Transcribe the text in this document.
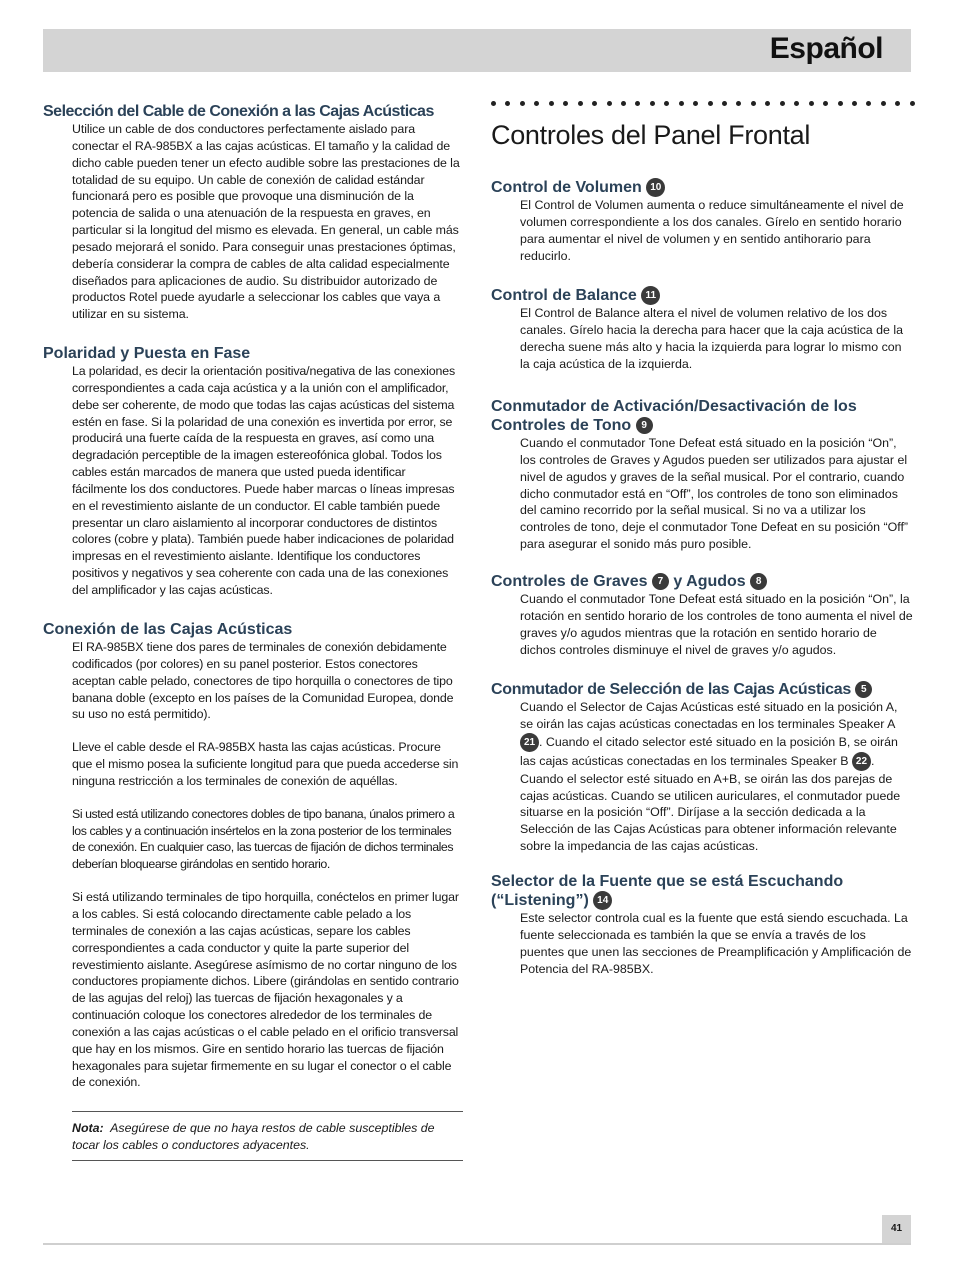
Español
Selección del Cable de Conexión a las Cajas Acústicas

Utilice un cable de dos conductores perfectamente aislado para conectar el RA-985BX a las cajas acústicas. El tamaño y la calidad de dicho cable pueden tener un efecto audible sobre las prestaciones de la totalidad de su equipo. Un cable de conexión de calidad estándar funcionará pero es posible que provoque una disminución de la potencia de salida o una atenuación de la respuesta en graves, en particular si la longitud del mismo es elevada. En general, un cable más pesado mejorará el sonido. Para conseguir unas prestaciones óptimas, debería considerar la compra de cables de alta calidad especialmente diseñados para aplicaciones de audio. Su distribuidor autorizado de productos Rotel puede ayudarle a seleccionar los cables que vaya a utilizar en su sistema.

Polaridad y Puesta en Fase

La polaridad, es decir la orientación positiva/negativa de las conexiones correspondientes a cada caja acústica y a la unión con el amplificador, debe ser coherente, de modo que todas las cajas acústicas del sistema estén en fase. Si la polaridad de una conexión es invertida por error, se producirá una fuerte caída de la respuesta en graves, así como una degradación perceptible de la imagen estereofónica global. Todos los cables están marcados de manera que usted pueda identificar fácilmente los dos conductores. Puede haber marcas o líneas impresas en el revestimiento aislante de un conductor. El cable también puede presentar un claro aislamiento al incorporar conductores de distintos colores (cobre y plata). También puede haber indicaciones de polaridad impresas en el revestimiento aislante. Identifique los conductores positivos y negativos y sea coherente con cada una de las conexiones del amplificador y las cajas acústicas.

Conexión de las Cajas Acústicas

El RA-985BX tiene dos pares de terminales de conexión debidamente codificados (por colores) en su panel posterior. Estos conectores aceptan cable pelado, conectores de tipo horquilla o conectores de tipo banana doble (excepto en los países de la Comunidad Europea, donde su uso no está permitido).

Lleve el cable desde el RA-985BX hasta las cajas acústicas. Procure que el mismo posea la suficiente longitud para que pueda accederse sin ninguna restricción a los terminales de conexión de aquéllas.

Si usted está utilizando conectores dobles de tipo banana, únalos primero a los cables y a continuación insértelos en la zona posterior de los terminales de conexión. En cualquier caso, las tuercas de fijación de dichos terminales deberían bloquearse girándolas en sentido horario.

Si está utilizando terminales de tipo horquilla, conéctelos en primer lugar a los cables. Si está colocando directamente cable pelado a los terminales de conexión a las cajas acústicas, separe los cables correspondientes a cada conductor y quite la parte superior del revestimiento aislante. Asegúrese asímismo de no cortar ninguno de los conductores propiamente dichos. Libere (girándolas en sentido contrario de las agujas del reloj) las tuercas de fijación hexagonales y a continuación coloque los conectores alrededor de los terminales de conexión a las cajas acústicas o el cable pelado en el orificio transversal que hay en los mismos. Gire en sentido horario las tuercas de fijación hexagonales para sujetar firmemente en su lugar el conector o el cable de conexión.

Nota: Asegúrese de que no haya restos de cable susceptibles de tocar los cables o conductores adyacentes.

Controles del Panel Frontal
Control de Volumen 10

El Control de Volumen aumenta o reduce simultáneamente el nivel de volumen correspondiente a los dos canales. Gírelo en sentido horario para aumentar el nivel de volumen y en sentido antihorario para reducirlo.

Control de Balance 11

El Control de Balance altera el nivel de volumen relativo de los dos canales. Gírelo hacia la derecha para hacer que la caja acústica de la derecha suene más alto y hacia la izquierda para lograr lo mismo con la caja acústica de la izquierda.

Conmutador de Activación/Desactivación de los
Controles de Tono 9

Cuando el conmutador Tone Defeat está situado en la posición “On”, los controles de Graves y Agudos pueden ser utilizados para ajustar el nivel de agudos y graves de la señal musical. Por el contrario, cuando dicho conmutador está en “Off”, los controles de tono son eliminados del camino recorrido por la señal musical. Si no va a utilizar los controles de tono, deje el conmutador Tone Defeat en su posición “Off” para asegurar el sonido más puro posible.

Controles de Graves 7 y Agudos 8

Cuando el conmutador Tone Defeat está situado en la posición “On”, la rotación en sentido horario de los controles de tono aumenta el nivel de graves y/o agudos mientras que la rotación en sentido horario de dichos controles disminuye el nivel de graves y/o agudos.

Conmutador de Selección de las Cajas Acústicas 5

Cuando el Selector de Cajas Acústicas esté situado en la posición A, se oirán las cajas acústicas conectadas en los terminales Speaker A
21 . Cuando el citado selector esté situado en la posición B, se oirán las cajas acústicas conectadas en los terminales Speaker B 22 . Cuando el selector esté situado en A+B, se oirán las dos parejas de cajas acústicas. Cuando se utilicen auriculares, el conmutador puede situarse en la posición “Off”. Diríjase a la sección dedicada a la Selección de las Cajas Acústicas para obtener información relevante sobre la impedancia de las cajas acústicas.

Selector de la Fuente que se está Escuchando
(“Listening”) 14

Este selector controla cual es la fuente que está siendo escuchada. La fuente seleccionada es también la que se envía a través de los puentes que unen las secciones de Preamplificación y Amplificación de Potencia del RA-985BX.

41
